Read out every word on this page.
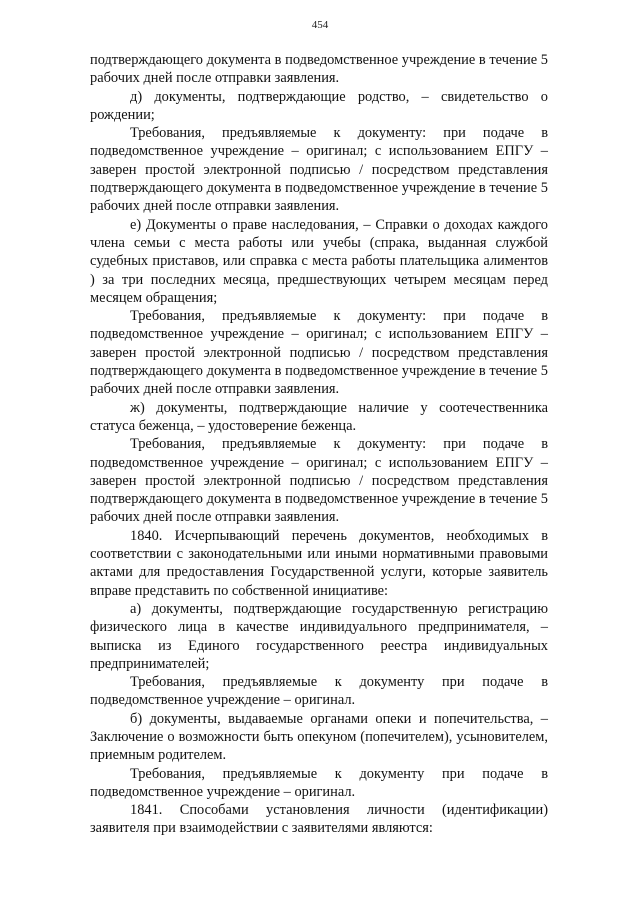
454

подтверждающего документа в подведомственное учреждение в течение 5 рабочих дней после отправки заявления.

д) документы, подтверждающие родство, – свидетельство о рождении;

Требования, предъявляемые к документу: при подаче в подведомственное учреждение – оригинал; с использованием ЕПГУ – заверен простой электронной подписью / посредством представления подтверждающего документа в подведомственное учреждение в течение 5 рабочих дней после отправки заявления.

е) Документы о праве наследования, – Справки о доходах каждого члена семьи с места работы или учебы (спрака, выданная службой судебных приставов, или справка с места работы плательщика алиментов ) за три последних месяца, предшествующих четырем месяцам перед месяцем обращения;

Требования, предъявляемые к документу: при подаче в подведомственное учреждение – оригинал; с использованием ЕПГУ – заверен простой электронной подписью / посредством представления подтверждающего документа в подведомственное учреждение в течение 5 рабочих дней после отправки заявления.

ж) документы, подтверждающие наличие у соотечественника статуса беженца, – удостоверение беженца.

Требования, предъявляемые к документу: при подаче в подведомственное учреждение – оригинал; с использованием ЕПГУ – заверен простой электронной подписью / посредством представления подтверждающего документа в подведомственное учреждение в течение 5 рабочих дней после отправки заявления.

1840. Исчерпывающий перечень документов, необходимых в соответствии с законодательными или иными нормативными правовыми актами для предоставления Государственной услуги, которые заявитель вправе представить по собственной инициативе:

а) документы, подтверждающие государственную регистрацию физического лица в качестве индивидуального предпринимателя, – выписка из Единого государственного реестра индивидуальных предпринимателей;

Требования, предъявляемые к документу при подаче в подведомственное учреждение – оригинал.

б) документы, выдаваемые органами опеки и попечительства, – Заключение о возможности быть опекуном (попечителем), усыновителем, приемным родителем.

Требования, предъявляемые к документу при подаче в подведомственное учреждение – оригинал.

1841. Способами установления личности (идентификации) заявителя при взаимодействии с заявителями являются:
